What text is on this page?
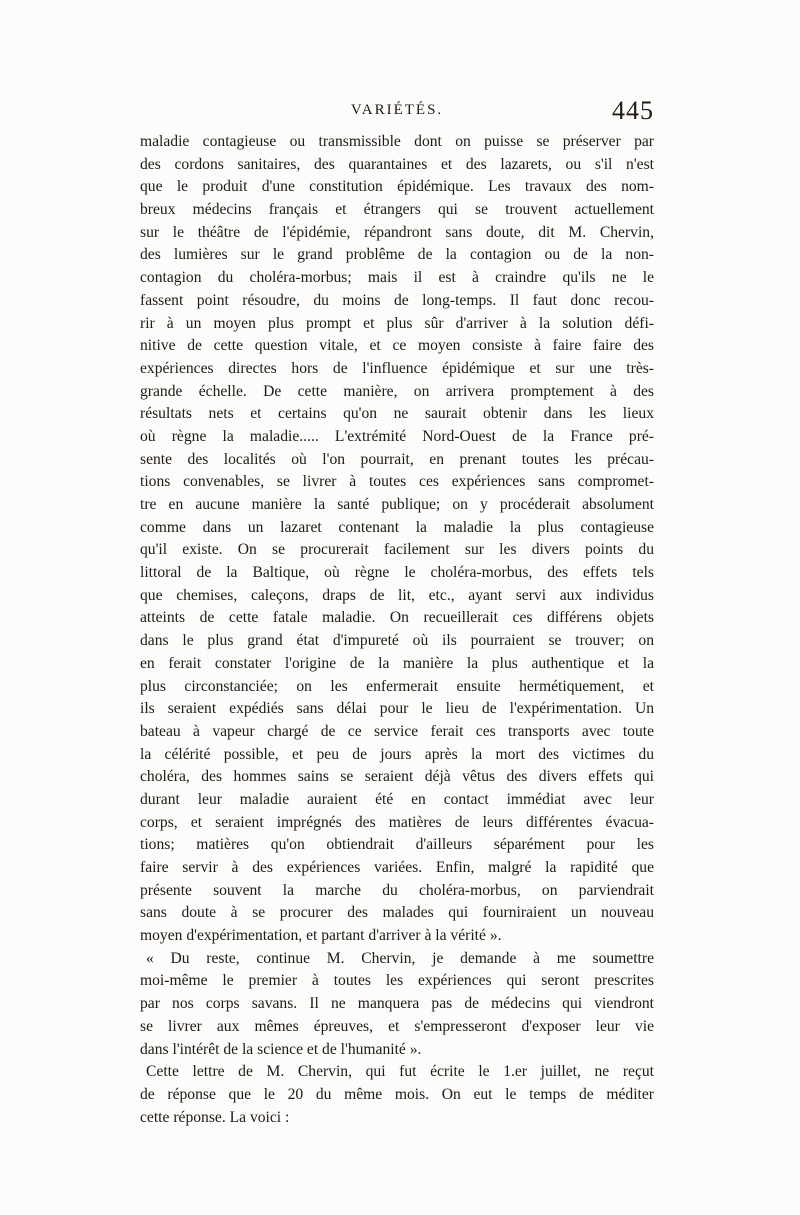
VARIÉTÉS.	445
maladie contagieuse ou transmissible dont on puisse se préserver par
des cordons sanitaires, des quarantaines et des lazarets, ou s'il n'est
que le produit d'une constitution épidémique. Les travaux des nom-
breux médecins français et étrangers qui se trouvent actuellement
sur le théâtre de l'épidémie, répandront sans doute, dit M. Chervin,
des lumières sur le grand problême de la contagion ou de la non-
contagion du choléra-morbus; mais il est à craindre qu'ils ne le
fassent point résoudre, du moins de long-temps. Il faut donc recou-
rir à un moyen plus prompt et plus sûr d'arriver à la solution défi-
nitive de cette question vitale, et ce moyen consiste à faire faire des
expériences directes hors de l'influence épidémique et sur une très-
grande échelle. De cette manière, on arrivera promptement à des
résultats nets et certains qu'on ne saurait obtenir dans les lieux
où règne la maladie..... L'extrémité Nord-Ouest de la France pré-
sente des localités où l'on pourrait, en prenant toutes les précau-
tions convenables, se livrer à toutes ces expériences sans compromet-
tre en aucune manière la santé publique; on y procéderait absolument
comme dans un lazaret contenant la maladie la plus contagieuse
qu'il existe. On se procurerait facilement sur les divers points du
littoral de la Baltique, où règne le choléra-morbus, des effets tels
que chemises, caleçons, draps de lit, etc., ayant servi aux individus
atteints de cette fatale maladie. On recueillerait ces différens objets
dans le plus grand état d'impureté où ils pourraient se trouver; on
en ferait constater l'origine de la manière la plus authentique et la
plus circonstanciée; on les enfermerait ensuite hermétiquement, et
ils seraient expédiés sans délai pour le lieu de l'expérimentation. Un
bateau à vapeur chargé de ce service ferait ces transports avec toute
la célérité possible, et peu de jours après la mort des victimes du
choléra, des hommes sains se seraient déjà vêtus des divers effets qui
durant leur maladie auraient été en contact immédiat avec leur
corps, et seraient imprégnés des matières de leurs différentes évacua-
tions; matières qu'on obtiendrait d'ailleurs séparément pour les
faire servir à des expériences variées. Enfin, malgré la rapidité que
présente souvent la marche du choléra-morbus, on parviendrait
sans doute à se procurer des malades qui fourniraient un nouveau
moyen d'expérimentation, et partant d'arriver à la vérité ».
« Du reste, continue M. Chervin, je demande à me soumettre
moi-même le premier à toutes les expériences qui seront prescrites
par nos corps savans. Il ne manquera pas de médecins qui viendront
se livrer aux mêmes épreuves, et s'empresseront d'exposer leur vie
dans l'intérêt de la science et de l'humanité ».
Cette lettre de M. Chervin, qui fut écrite le 1.er juillet, ne reçut
de réponse que le 20 du même mois. On eut le temps de méditer
cette réponse. La voici :
